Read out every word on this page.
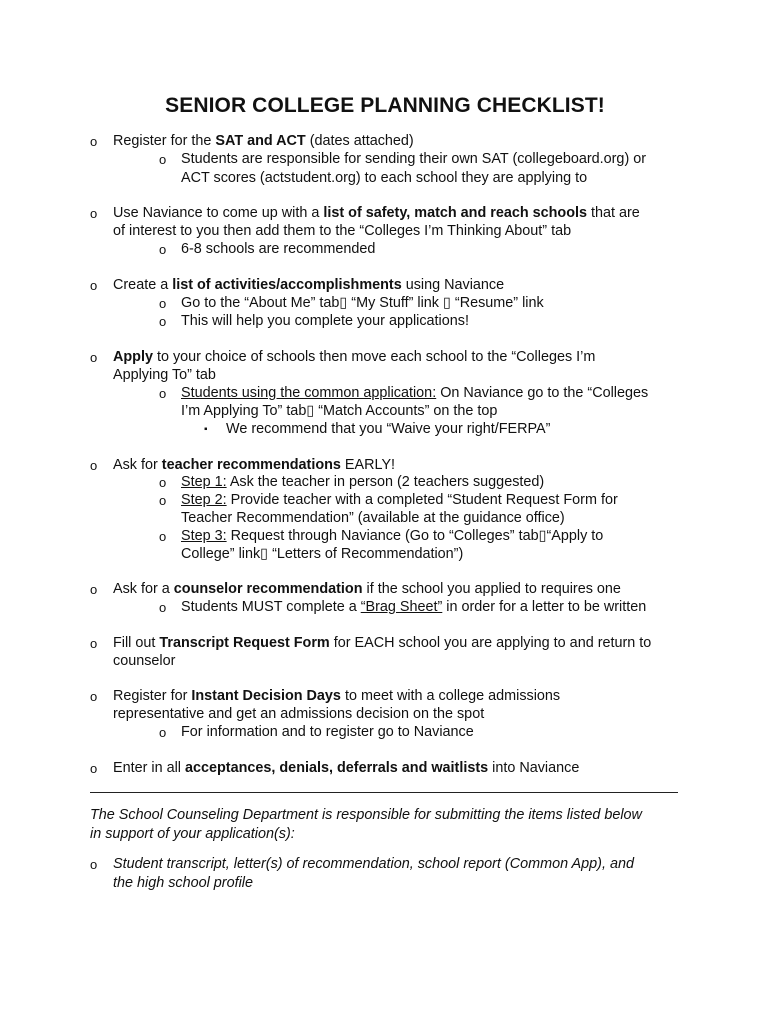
SENIOR COLLEGE PLANNING CHECKLIST!
o Register for the SAT and ACT (dates attached)
o Students are responsible for sending their own SAT (collegeboard.org) or
ACT scores (actstudent.org) to each school they are applying to
o Use Naviance to come up with a list of safety, match and reach schools that are
of interest to you then add them to the “Colleges I’m Thinking About” tab
o 6-8 schools are recommended
o Create a list of activities/accomplishments using Naviance
o Go to the “About Me” tab▯ “My Stuff” link ▯ “Resume” link
o This will help you complete your applications!
o Apply to your choice of schools then move each school to the “Colleges I’m
Applying To” tab
o Students using the common application: On Naviance go to the “Colleges
I’m Applying To” tab▯ “Match Accounts” on the top
▪ We recommend that you “Waive your right/FERPA”
o Ask for teacher recommendations EARLY!
o Step 1: Ask the teacher in person (2 teachers suggested)
o Step 2: Provide teacher with a completed “Student Request Form for
Teacher Recommendation” (available at the guidance office)
o Step 3: Request through Naviance (Go to “Colleges” tab▯“Apply to
College” link▯ “Letters of Recommendation”)
o Ask for a counselor recommendation if the school you applied to requires one
o Students MUST complete a “Brag Sheet” in order for a letter to be written
o Fill out Transcript Request Form for EACH school you are applying to and return to
counselor
o Register for Instant Decision Days to meet with a college admissions
representative and get an admissions decision on the spot
o For information and to register go to Naviance
o Enter in all acceptances, denials, deferrals and waitlists into Naviance
The School Counseling Department is responsible for submitting the items listed below
in support of your application(s):
o Student transcript, letter(s) of recommendation, school report (Common App), and
the high school profile
